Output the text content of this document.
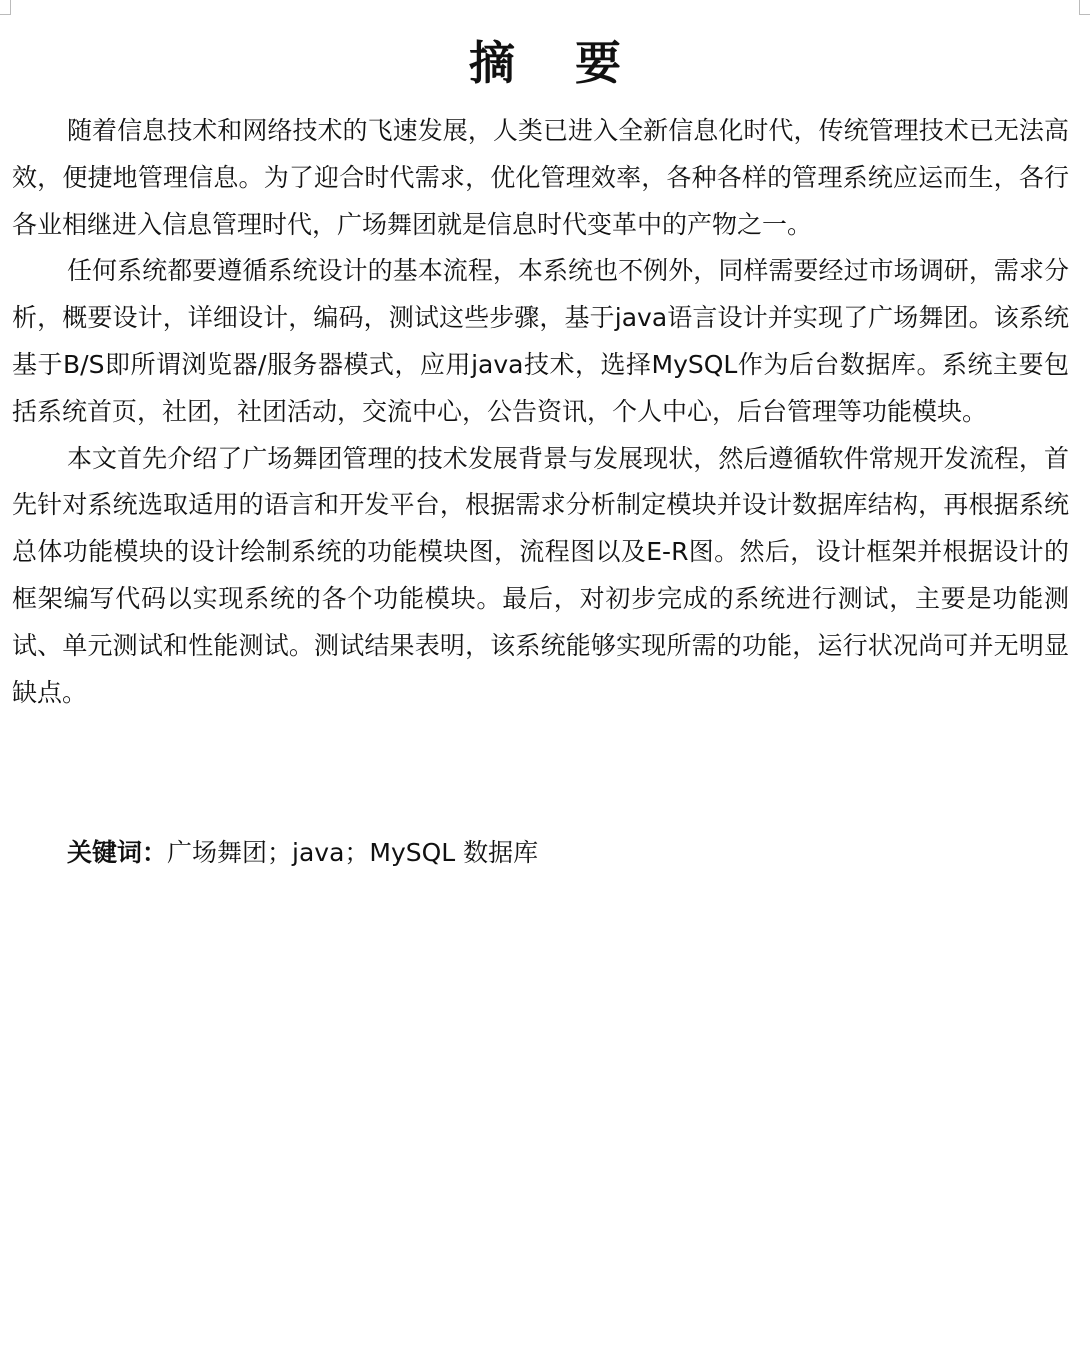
摘 要

随着信息技术和网络技术的飞速发展，人类已进入全新信息化时代，传统管理技术已无法高效，便捷地管理信息。为了迎合时代需求，优化管理效率，各种各样的管理系统应运而生，各行各业相继进入信息管理时代，广场舞团就是信息时代变革中的产物之一。

任何系统都要遵循系统设计的基本流程，本系统也不例外，同样需要经过市场调研，需求分析，概要设计，详细设计，编码，测试这些步骤，基于java语言设计并实现了广场舞团。该系统基于B/S即所谓浏览器/服务器模式，应用java技术，选择MySQL作为后台数据库。系统主要包括系统首页，社团，社团活动，交流中心，公告资讯，个人中心，后台管理等功能模块。

本文首先介绍了广场舞团管理的技术发展背景与发展现状，然后遵循软件常规开发流程，首先针对系统选取适用的语言和开发平台，根据需求分析制定模块并设计数据库结构，再根据系统总体功能模块的设计绘制系统的功能模块图，流程图以及E-R图。然后，设计框架并根据设计的框架编写代码以实现系统的各个功能模块。最后，对初步完成的系统进行测试，主要是功能测试、单元测试和性能测试。测试结果表明，该系统能够实现所需的功能，运行状况尚可并无明显缺点。

关键词：广场舞团；java；MySQL 数据库
